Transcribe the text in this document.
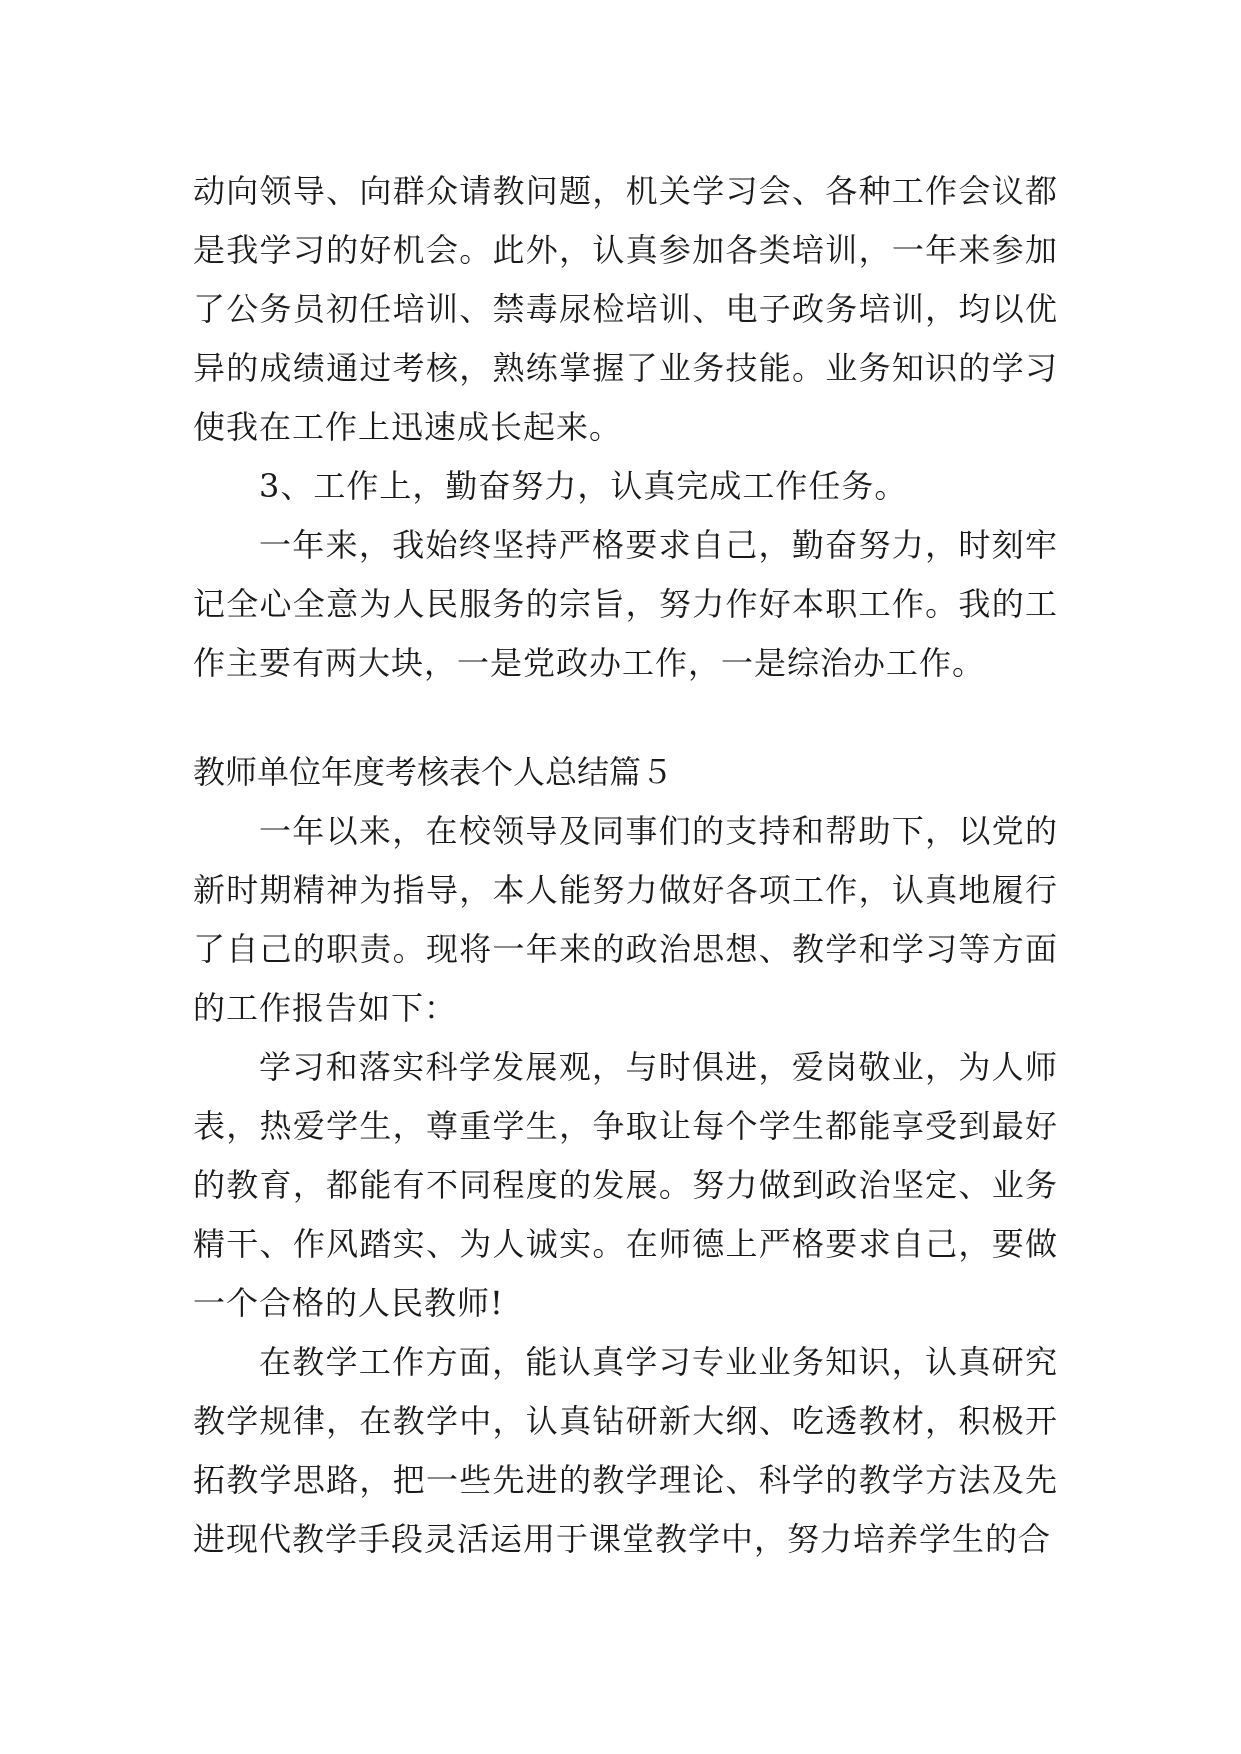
动向领导、向群众请教问题，机关学习会、各种工作会议都是我学习的好机会。此外，认真参加各类培训，一年来参加了公务员初任培训、禁毒尿检培训、电子政务培训，均以优异的成绩通过考核，熟练掌握了业务技能。业务知识的学习使我在工作上迅速成长起来。

3、工作上，勤奋努力，认真完成工作任务。

一年来，我始终坚持严格要求自己，勤奋努力，时刻牢记全心全意为人民服务的宗旨，努力作好本职工作。我的工作主要有两大块，一是党政办工作，一是综治办工作。

教师单位年度考核表个人总结篇５

一年以来，在校领导及同事们的支持和帮助下，以党的新时期精神为指导，本人能努力做好各项工作，认真地履行了自己的职责。现将一年来的政治思想、教学和学习等方面的工作报告如下：

学习和落实科学发展观，与时俱进，爱岗敬业，为人师表，热爱学生，尊重学生，争取让每个学生都能享受到最好的教育，都能有不同程度的发展。努力做到政治坚定、业务精干、作风踏实、为人诚实。在师德上严格要求自己，要做一个合格的人民教师!

在教学工作方面，能认真学习专业业务知识，认真研究教学规律，在教学中，认真钻研新大纲、吃透教材，积极开拓教学思路，把一些先进的教学理论、科学的教学方法及先进现代教学手段灵活运用于课堂教学中，努力培养学生的合
